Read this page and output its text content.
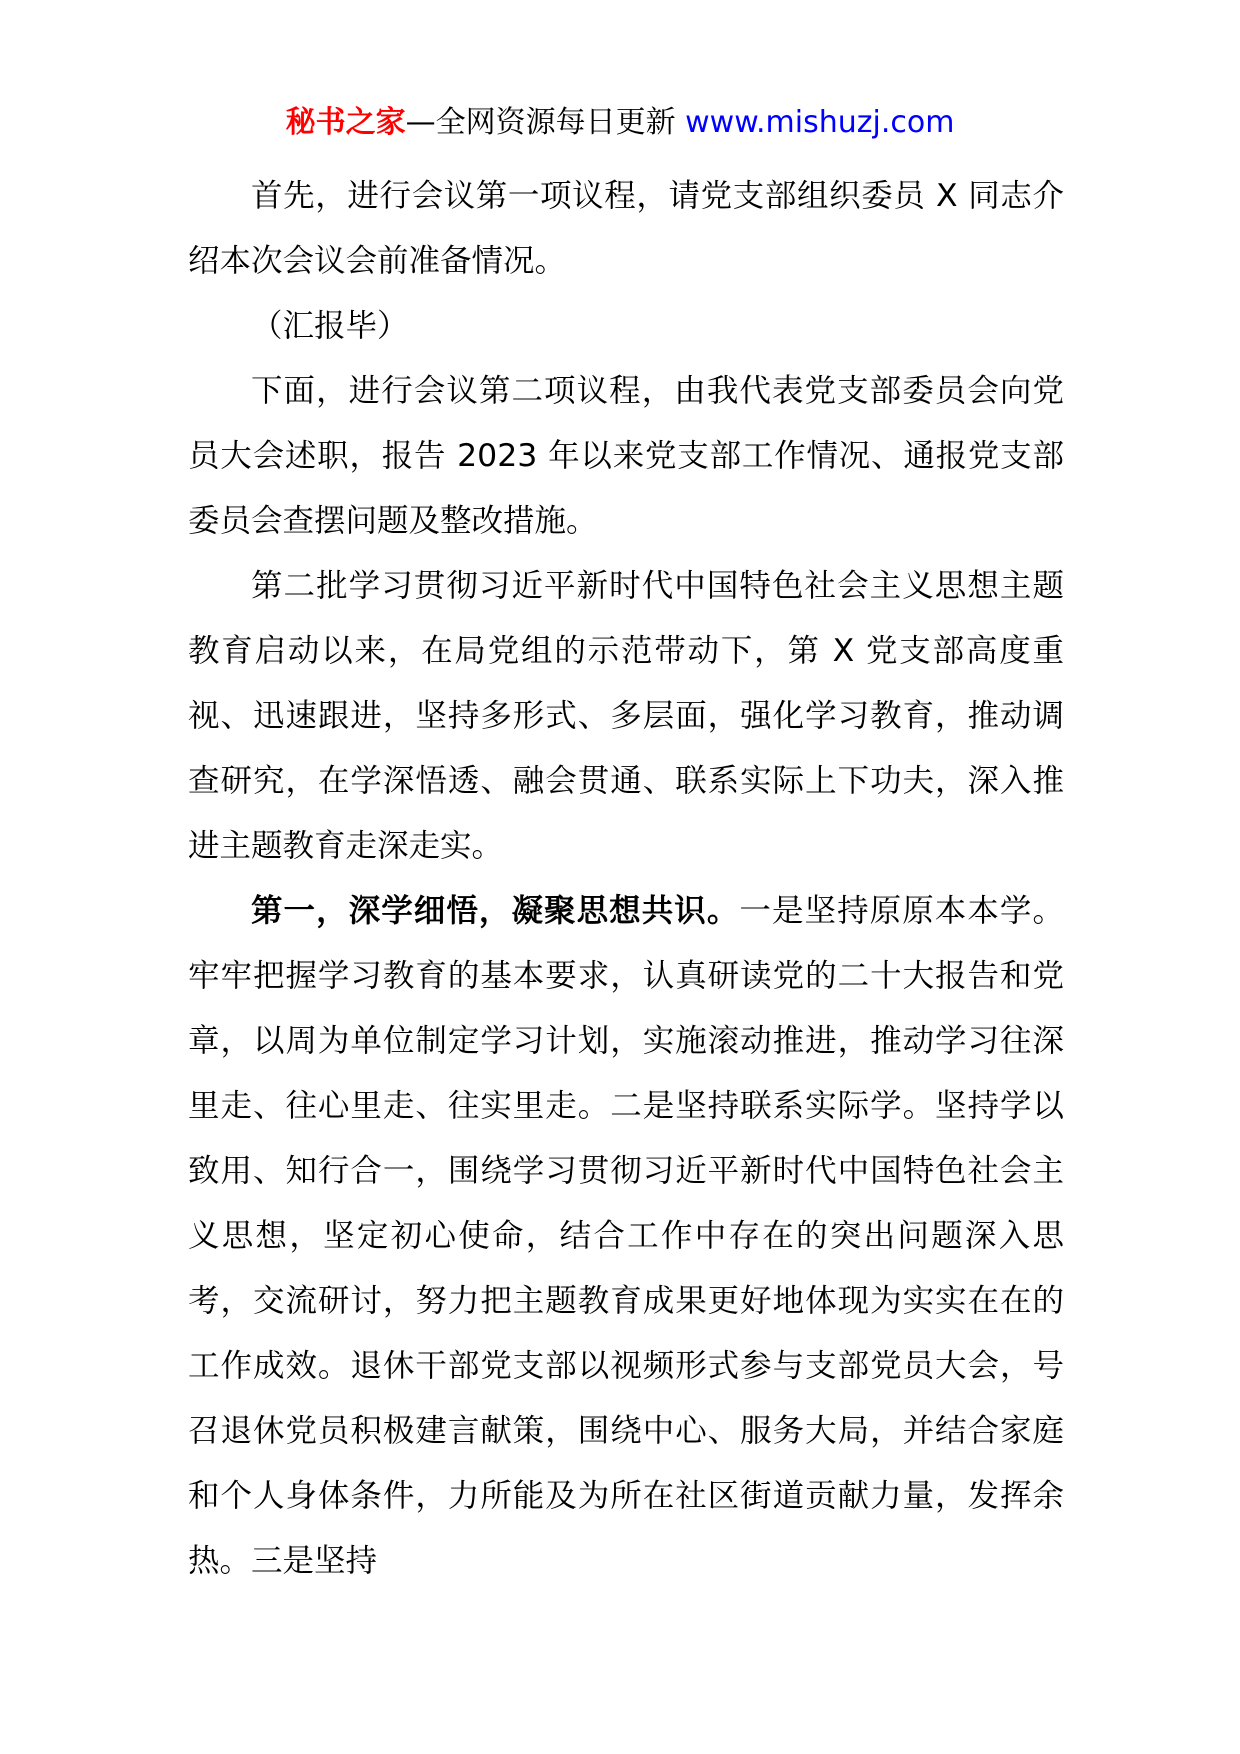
秘书之家—全网资源每日更新 www.mishuzj.com

首先，进行会议第一项议程，请党支部组织委员 X 同志介绍本次会议会前准备情况。

（汇报毕）

下面，进行会议第二项议程，由我代表党支部委员会向党员大会述职，报告 2023 年以来党支部工作情况、通报党支部委员会查摆问题及整改措施。

第二批学习贯彻习近平新时代中国特色社会主义思想主题教育启动以来，在局党组的示范带动下，第 X 党支部高度重视、迅速跟进，坚持多形式、多层面，强化学习教育，推动调查研究，在学深悟透、融会贯通、联系实际上下功夫，深入推进主题教育走深走实。

第一，深学细悟，凝聚思想共识。一是坚持原原本本学。牢牢把握学习教育的基本要求，认真研读党的二十大报告和党章，以周为单位制定学习计划，实施滚动推进，推动学习往深里走、往心里走、往实里走。二是坚持联系实际学。坚持学以致用、知行合一，围绕学习贯彻习近平新时代中国特色社会主义思想，坚定初心使命，结合工作中存在的突出问题深入思考，交流研讨，努力把主题教育成果更好地体现为实实在在的工作成效。退休干部党支部以视频形式参与支部党员大会，号召退休党员积极建言献策，围绕中心、服务大局，并结合家庭和个人身体条件，力所能及为所在社区街道贡献力量，发挥余热。三是坚持
